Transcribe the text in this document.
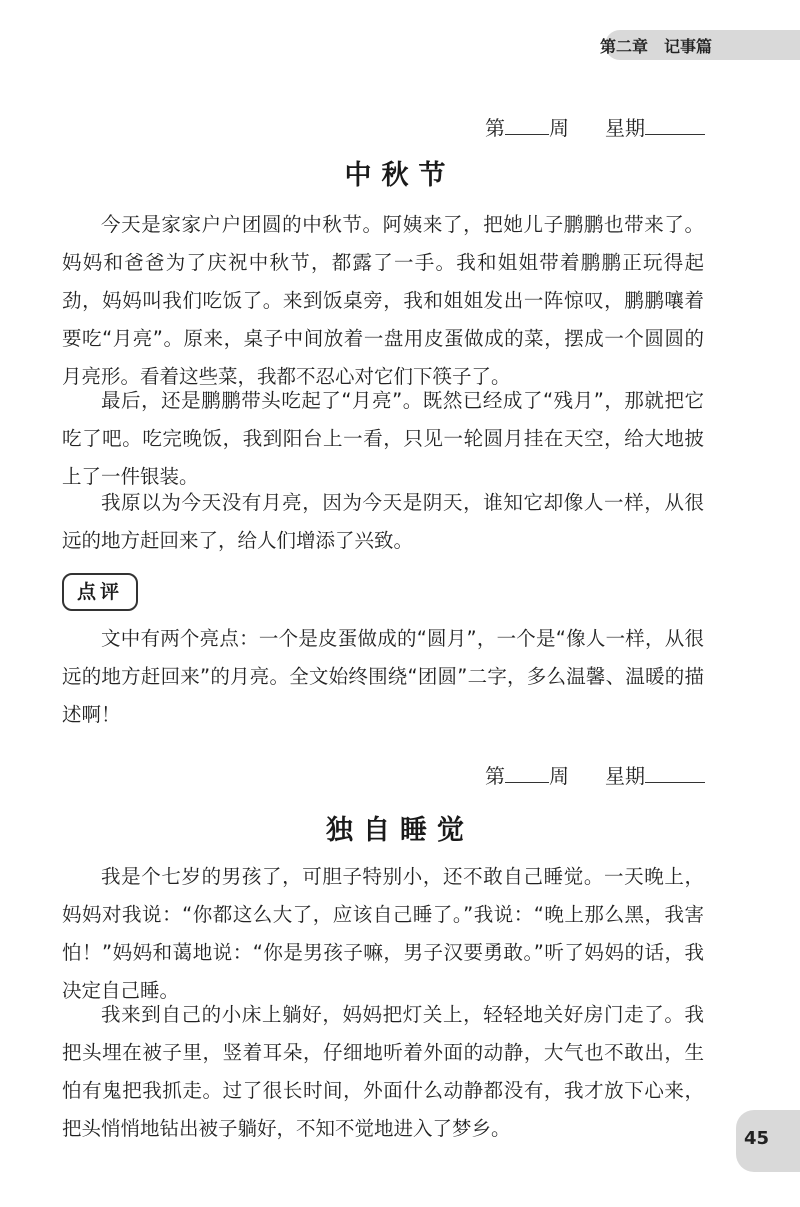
第二章　记事篇
第 周 星期
中秋节

今天是家家户户团圆的中秋节。阿姨来了，把她儿子鹏鹏也带来了。妈妈和爸爸为了庆祝中秋节，都露了一手。我和姐姐带着鹏鹏正玩得起劲，妈妈叫我们吃饭了。来到饭桌旁，我和姐姐发出一阵惊叹，鹏鹏嚷着要吃“月亮”。原来，桌子中间放着一盘用皮蛋做成的菜，摆成一个圆圆的月亮形。看着这些菜，我都不忍心对它们下筷子了。

最后，还是鹏鹏带头吃起了“月亮”。既然已经成了“残月”，那就把它吃了吧。吃完晚饭，我到阳台上一看，只见一轮圆月挂在天空，给大地披上了一件银装。

我原以为今天没有月亮，因为今天是阴天，谁知它却像人一样，从很远的地方赶回来了，给人们增添了兴致。

点评

文中有两个亮点：一个是皮蛋做成的“圆月”，一个是“像人一样，从很远的地方赶回来”的月亮。全文始终围绕“团圆”二字，多么温馨、温暖的描述啊！

第 周 星期
独自睡觉

我是个七岁的男孩了，可胆子特别小，还不敢自己睡觉。一天晚上，妈妈对我说：“你都这么大了，应该自己睡了。”我说：“晚上那么黑，我害怕！”妈妈和蔼地说：“你是男孩子嘛，男子汉要勇敢。”听了妈妈的话，我决定自己睡。

我来到自己的小床上躺好，妈妈把灯关上，轻轻地关好房门走了。我把头埋在被子里，竖着耳朵，仔细地听着外面的动静，大气也不敢出，生怕有鬼把我抓走。过了很长时间，外面什么动静都没有，我才放下心来，把头悄悄地钻出被子躺好，不知不觉地进入了梦乡。	45
